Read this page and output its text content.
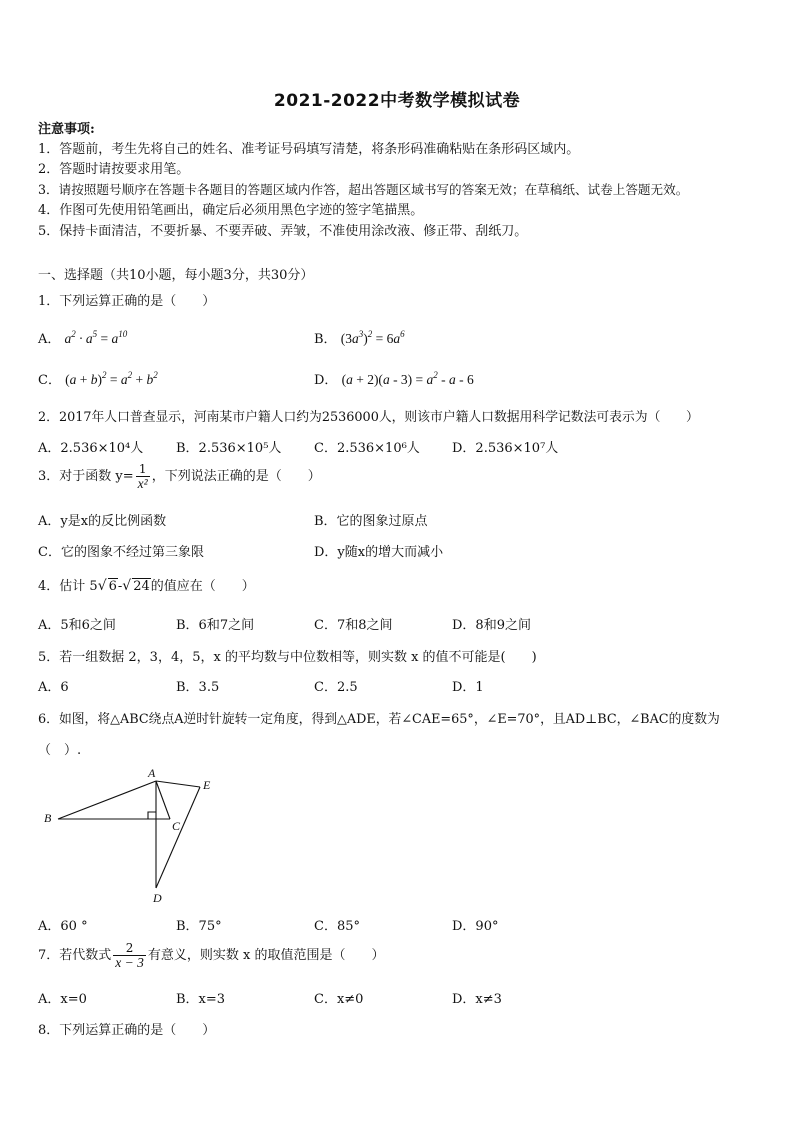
2021-2022中考数学模拟试卷
注意事项:
1．答题前，考生先将自己的姓名、准考证号码填写清楚，将条形码准确粘贴在条形码区域内。
2．答题时请按要求用笔。
3．请按照题号顺序在答题卡各题目的答题区域内作答，超出答题区域书写的答案无效；在草稿纸、试卷上答题无效。
4．作图可先使用铅笔画出，确定后必须用黑色字迹的签字笔描黑。
5．保持卡面清洁，不要折暴、不要弄破、弄皱，不准使用涂改液、修正带、刮纸刀。
一、选择题（共10小题，每小题3分，共30分）
1．下列运算正确的是（　　）
A． $a^2 \cdot a^5 = a^{10}$	B． $(3a^3)^2 = 6a^6$
C． $(a + b)^2 = a^2 + b^2$	D． $(a + 2)(a - 3) = a^2 - a - 6$
2．2017年人口普查显示，河南某市户籍人口约为2536000人，则该市户籍人口数据用科学记数法可表示为（　　）
A．2.536×10⁴人	B．2.536×10⁵人	C．2.536×10⁶人 D．2.536×10⁷人
3．对于函数 $y= \frac{1}{\text{x²}}$ ，下列说法正确的是（　　）
A．y是x的反比例函数	B．它的图象过原点
C．它的图象不经过第三象限	D．y随x的增大而减小
4．估计 5√ 6-√ 24的值应在（　　）
A．5和6之间	B．6和7之间	C．7和8之间	D．8和9之间
5．若一组数据 2，3，4，5，x 的平均数与中位数相等，则实数 x 的值不可能是(　　)
A．6	B．3.5	C．2.5	D．1
6．如图，将△ABC绕点A逆时针旋转一定角度，得到△ADE，若∠CAE=65°，∠E=70°，且AD⊥BC，∠BAC的度数为
（　）.
A
B
C
D
E
A．60 °	B．75°	C．85°	D．90°
7．若代数式 $\frac{2}{x - 3}$ 有意义，则实数 x 的取值范围是（　　）
A．x=0	B．x=3	C．x≠0	D．x≠3
8．下列运算正确的是（　　）
